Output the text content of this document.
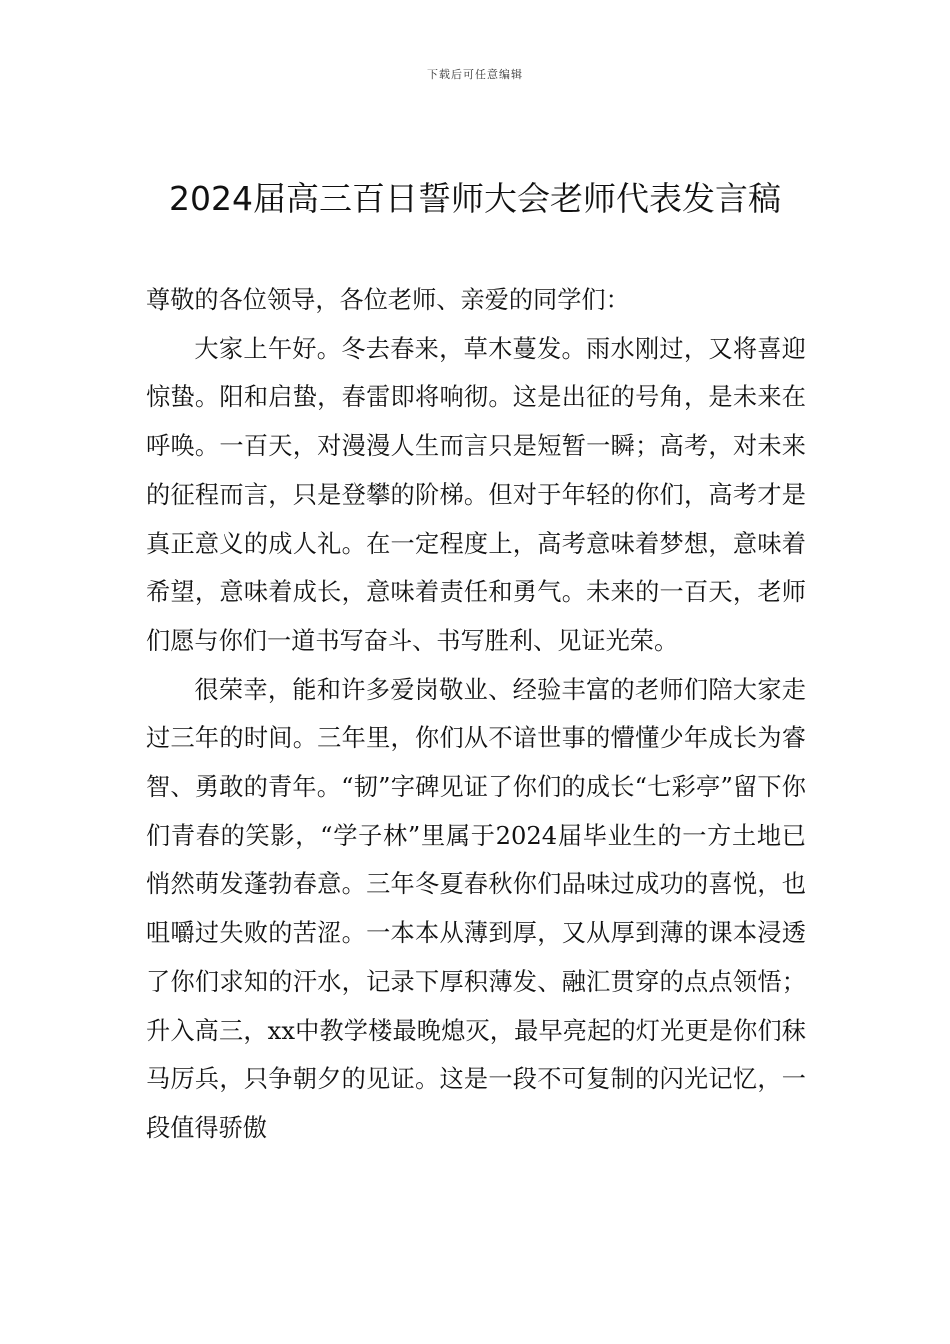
下载后可任意编辑
2024届高三百日誓师大会老师代表发言稿

尊敬的各位领导，各位老师、亲爱的同学们：

大家上午好。冬去春来，草木蔓发。雨水刚过，又将喜迎惊蛰。阳和启蛰，春雷即将响彻。这是出征的号角，是未来在呼唤。一百天，对漫漫人生而言只是短暂一瞬；高考，对未来的征程而言，只是登攀的阶梯。但对于年轻的你们，高考才是真正意义的成人礼。在一定程度上，高考意味着梦想，意味着希望，意味着成长，意味着责任和勇气。未来的一百天，老师们愿与你们一道书写奋斗、书写胜利、见证光荣。

很荣幸，能和许多爱岗敬业、经验丰富的老师们陪大家走过三年的时间。三年里，你们从不谙世事的懵懂少年成长为睿智、勇敢的青年。“韧”字碑见证了你们的成长“七彩亭”留下你们青春的笑影，“学子林”里属于2024届毕业生的一方土地已悄然萌发蓬勃春意。三年冬夏春秋你们品味过成功的喜悦，也咀嚼过失败的苦涩。一本本从薄到厚，又从厚到薄的课本浸透了你们求知的汗水，记录下厚积薄发、融汇贯穿的点点领悟；升入高三，xx中教学楼最晚熄灭，最早亮起的灯光更是你们秣马厉兵，只争朝夕的见证。这是一段不可复制的闪光记忆，一段值得骄傲
